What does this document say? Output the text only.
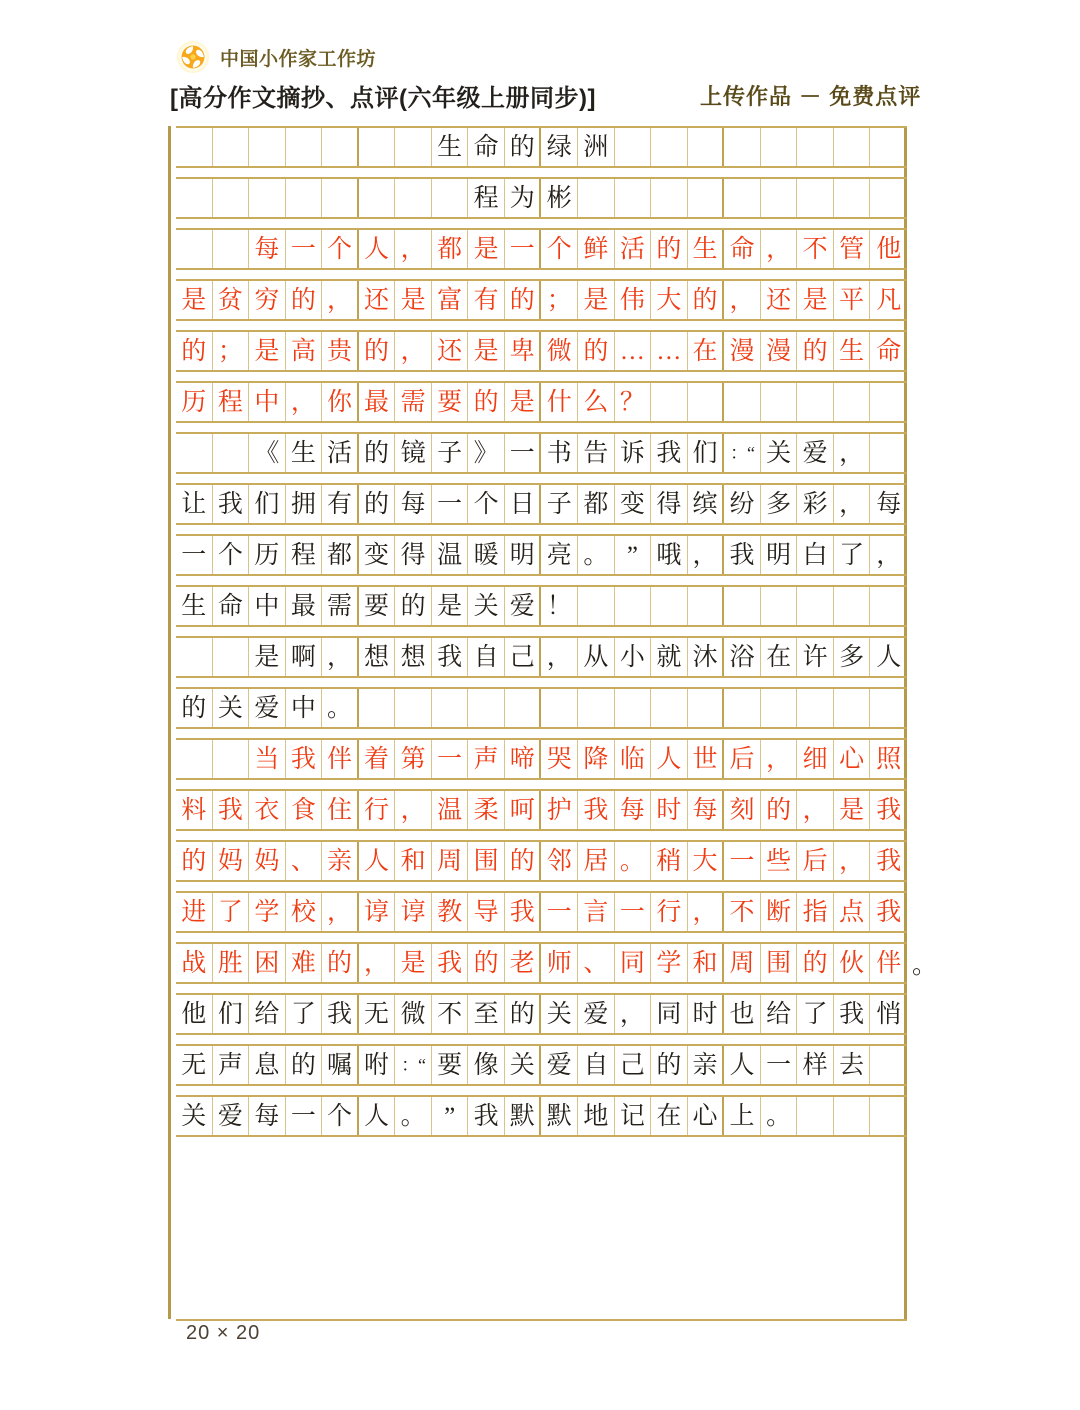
中国小作家工作坊
[高分作文摘抄、点评(六年级上册同步)]	上传作品 － 免费点评
生 命 的 绿 洲
程 为 彬
每 一 个 人 ， 都 是 一 个 鲜 活 的 生 命 ， 不 管 他
是 贫 穷 的 ， 还 是 富 有 的 ； 是 伟 大 的 ， 还 是 平 凡
的 ； 是 高 贵 的 ， 还 是 卑 微 的 … … 在 漫 漫 的 生 命
历 程 中 ， 你 最 需 要 的 是 什 么 ？
《 生 活 的 镜 子 》 一 书 告 诉 我 们 ：“ 关 爱 ，
让 我 们 拥 有 的 每 一 个 日 子 都 变 得 缤 纷 多 彩 ， 每
一 个 历 程 都 变 得 温 暖 明 亮 。 ” 哦 ， 我 明 白 了 ，
生 命 中 最 需 要 的 是 关 爱 ！
是 啊 ， 想 想 我 自 己 ， 从 小 就 沐 浴 在 许 多 人
的 关 爱 中 。
当 我 伴 着 第 一 声 啼 哭 降 临 人 世 后 ， 细 心 照
料 我 衣 食 住 行 ， 温 柔 呵 护 我 每 时 每 刻 的 ， 是 我
的 妈 妈 、 亲 人 和 周 围 的 邻 居 。 稍 大 一 些 后 ， 我
进 了 学 校 ， 谆 谆 教 导 我 一 言 一 行 ， 不 断 指 点 我
战 胜 困 难 的 ， 是 我 的 老 师 、 同 学 和 周 围 的 伙 伴 。
他 们 给 了 我 无 微 不 至 的 关 爱 ， 同 时 也 给 了 我 悄
无 声 息 的 嘱 咐 ：“ 要 像 关 爱 自 己 的 亲 人 一 样 去
关 爱 每 一 个 人 。 ” 我 默 默 地 记 在 心 上 。
20 × 20
